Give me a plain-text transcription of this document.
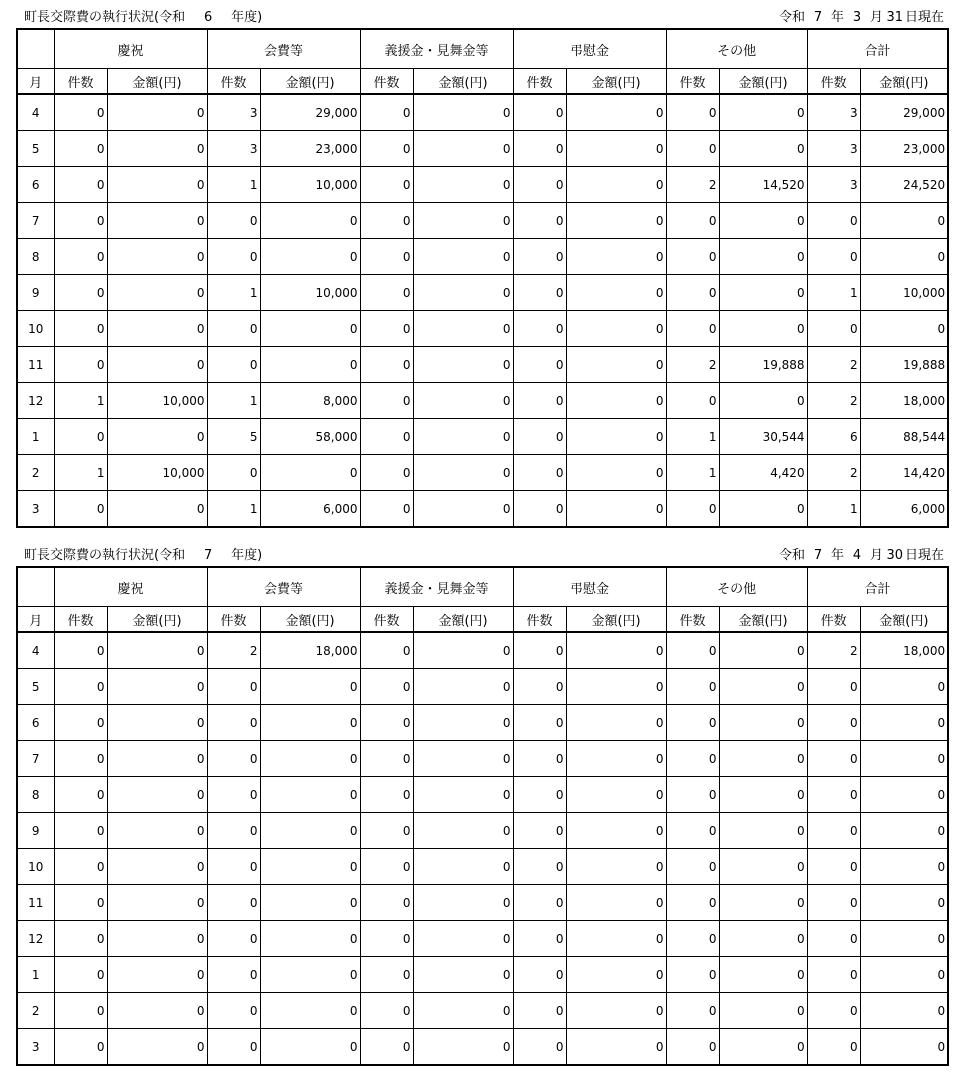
町長交際費の執行状況(令和 6 年度)	令和 7 年 3 月 31 日現在
	慶祝		会費等		義援金・見舞金等		弔慰金		その他		合計	
月	件数	金額(円)	件数	金額(円)	件数	金額(円)	件数	金額(円)	件数	金額(円)	件数	金額(円)
4	0	0	3	29,000	0	0	0	0	0	0	3	29,000
5	0	0	3	23,000	0	0	0	0	0	0	3	23,000
6	0	0	1	10,000	0	0	0	0	2	14,520	3	24,520
7	0	0	0	0	0	0	0	0	0	0	0	0
8	0	0	0	0	0	0	0	0	0	0	0	0
9	0	0	1	10,000	0	0	0	0	0	0	1	10,000
10	0	0	0	0	0	0	0	0	0	0	0	0
11	0	0	0	0	0	0	0	0	2	19,888	2	19,888
12	1	10,000	1	8,000	0	0	0	0	0	0	2	18,000
1	0	0	5	58,000	0	0	0	0	1	30,544	6	88,544
2	1	10,000	0	0	0	0	0	0	1	4,420	2	14,420
3	0	0	1	6,000	0	0	0	0	0	0	1	6,000
町長交際費の執行状況(令和 7 年度)	令和 7 年 4 月 30 日現在
	慶祝		会費等		義援金・見舞金等		弔慰金		その他		合計	
月	件数	金額(円)	件数	金額(円)	件数	金額(円)	件数	金額(円)	件数	金額(円)	件数	金額(円)
4	0	0	2	18,000	0	0	0	0	0	0	2	18,000
5	0	0	0	0	0	0	0	0	0	0	0	0
6	0	0	0	0	0	0	0	0	0	0	0	0
7	0	0	0	0	0	0	0	0	0	0	0	0
8	0	0	0	0	0	0	0	0	0	0	0	0
9	0	0	0	0	0	0	0	0	0	0	0	0
10	0	0	0	0	0	0	0	0	0	0	0	0
11	0	0	0	0	0	0	0	0	0	0	0	0
12	0	0	0	0	0	0	0	0	0	0	0	0
1	0	0	0	0	0	0	0	0	0	0	0	0
2	0	0	0	0	0	0	0	0	0	0	0	0
3	0	0	0	0	0	0	0	0	0	0	0	0
